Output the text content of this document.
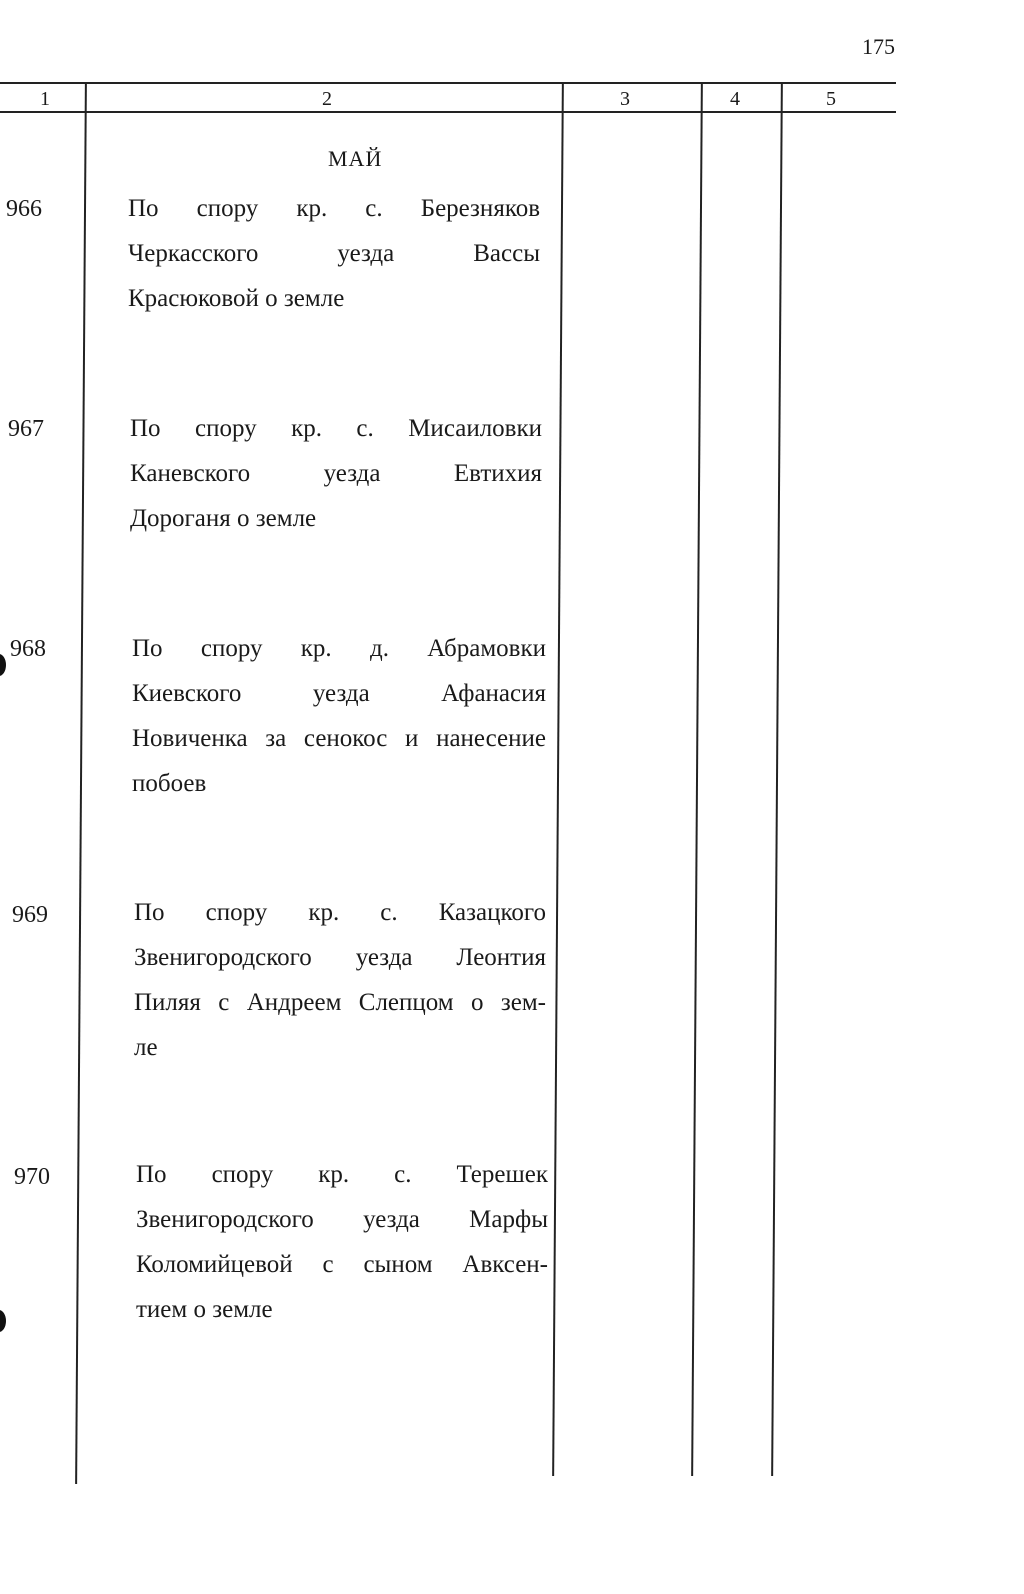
175
1	2	3	4	5
МАЙ
966	По спору кр. с. Березняков
Черкасского уезда Вассы
Красюковой о земле
967	По спору кр. с. Мисаиловки
Каневского уезда Евтихия
Дороганя о земле
968	По спору кр. д. Абрамовки
Киевского уезда Афанасия
Новиченка за сенокос и нанесение
побоев
969	По спору кр. с. Казацкого
Звенигородского уезда Леонтия
Пиляя с Андреем Слепцом о зем-
ле
970	По спору кр. с. Терешек
Звенигородского уезда Марфы
Коломийцевой с сыном Авксен-
тием о земле
